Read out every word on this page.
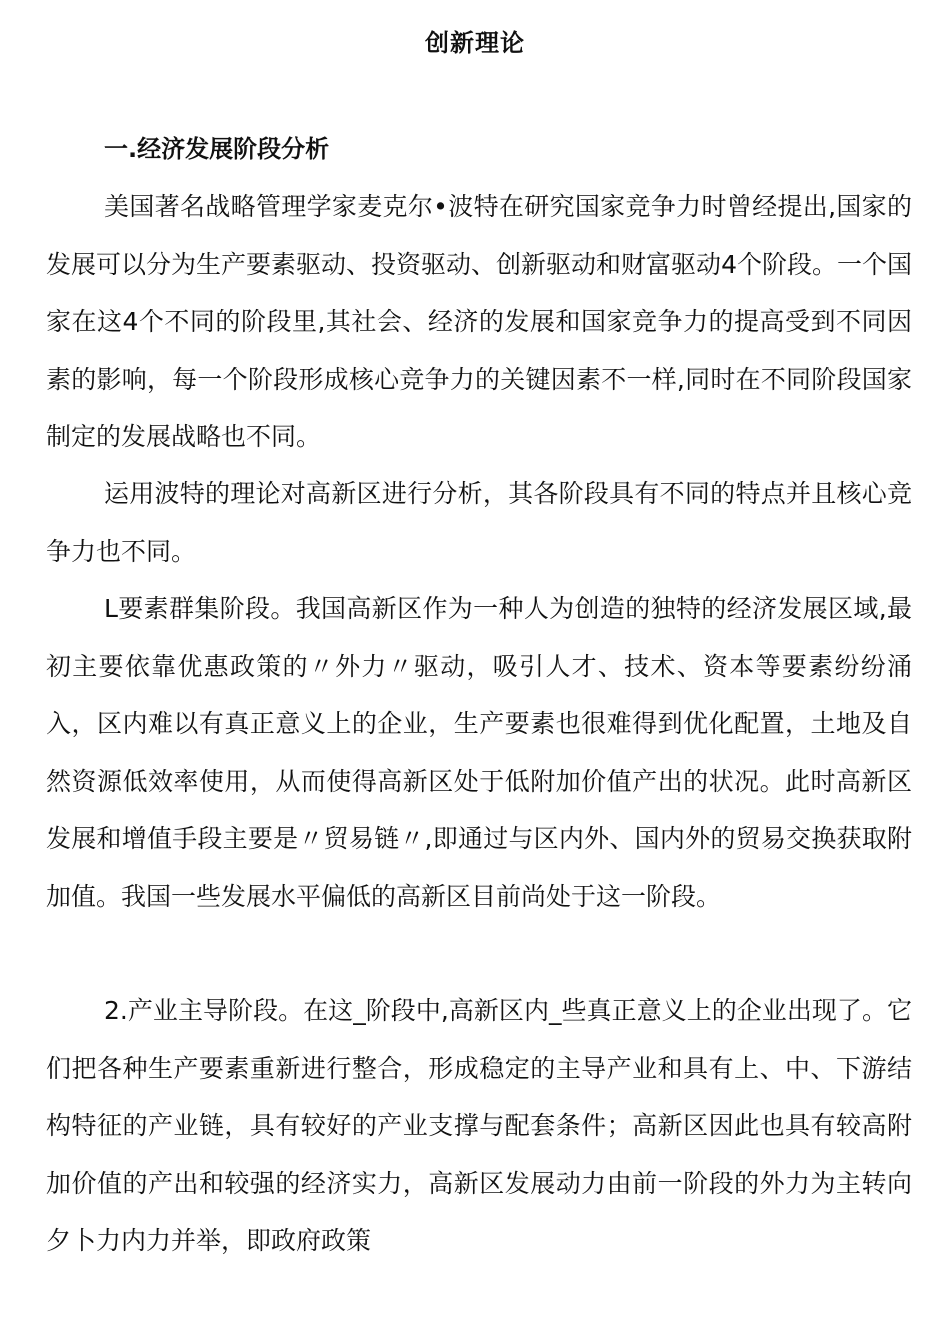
创新理论
一.经济发展阶段分析

美国著名战略管理学家麦克尔•波特在研究国家竞争力时曾经提出,国家的发展可以分为生产要素驱动、投资驱动、创新驱动和财富驱动4个阶段。一个国家在这4个不同的阶段里,其社会、经济的发展和国家竞争力的提高受到不同因素的影响，每一个阶段形成核心竞争力的关键因素不一样,同时在不同阶段国家制定的发展战略也不同。

运用波特的理论对高新区进行分析，其各阶段具有不同的特点并且核心竞争力也不同。

L要素群集阶段。我国高新区作为一种人为创造的独特的经济发展区域,最初主要依靠优惠政策的〃外力〃驱动，吸引人才、技术、资本等要素纷纷涌入，区内难以有真正意义上的企业，生产要素也很难得到优化配置，土地及自然资源低效率使用，从而使得高新区处于低附加价值产出的状况。此时高新区发展和增值手段主要是〃贸易链〃,即通过与区内外、国内外的贸易交换获取附加值。我国一些发展水平偏低的高新区目前尚处于这一阶段。

2.产业主导阶段。在这_阶段中,高新区内_些真正意义上的企业出现了。它们把各种生产要素重新进行整合，形成稳定的主导产业和具有上、中、下游结构特征的产业链，具有较好的产业支撑与配套条件；高新区因此也具有较高附加价值的产出和较强的经济实力，高新区发展动力由前一阶段的外力为主转向夕卜力内力并举，即政府政策
